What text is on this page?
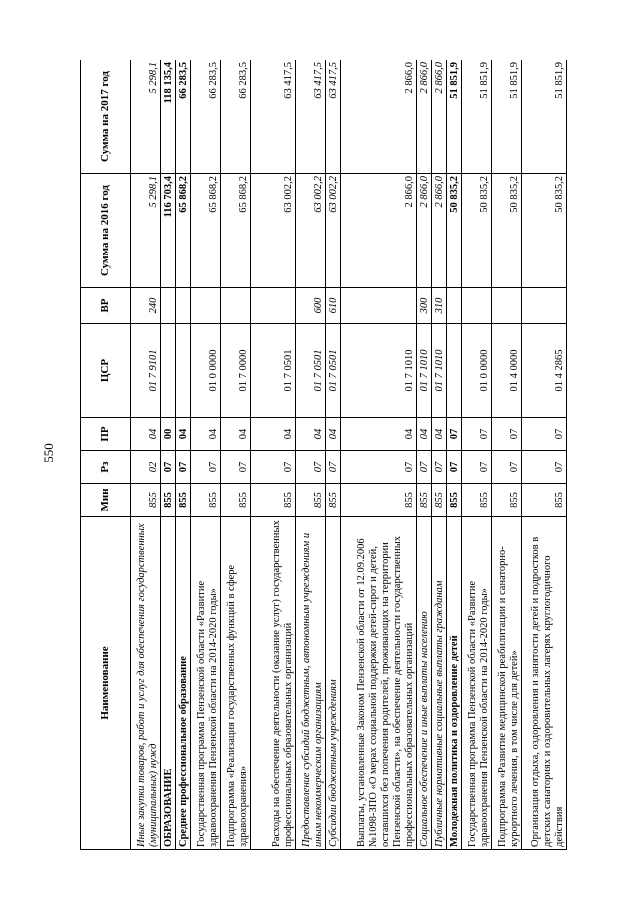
550
Наименование	Мин	Рз	ПР	ЦСР	ВР	Сумма на 2016 год	Сумма на 2017 год
Иные закупки товаров, работ и услуг для обеспечения государственных (муниципальных) нужд	855	02	04	01 7 9101	240	5 298,1	5 298,1
ОБРАЗОВАНИЕ	855	07	00			116 703,4	118 135,4
Среднее профессиональное образование	855	07	04			65 868,2	66 283,5
Государственная программа Пензенской области «Развитие здравоохранения Пензенской области на 2014-2020 годы»	855	07	04	01 0 0000		65 868,2	66 283,5
Подпрограмма «Реализация государственных функций в сфере здравоохранения»	855	07	04	01 7 0000		65 868,2	66 283,5
Расходы на обеспечение деятельности (оказание услуг) государственных профессиональных образовательных организаций	855	07	04	01 7 0501		63 002,2	63 417,5
Предоставление субсидий бюджетным, автономным учреждениям и иным некоммерческим организациям	855	07	04	01 7 0501	600	63 002,2	63 417,5
Субсидии бюджетным учреждениям	855	07	04	01 7 0501	610	63 002,2	63 417,5
Выплаты, установленные Законом Пензенской области от 12.09.2006 №1098-ЗПО «О мерах социальной поддержки детей-сирот и детей, оставшихся без попечения родителей, проживающих на территории Пензенской области», на обеспечение деятельности государственных профессиональных образовательных организаций	855	07	04	01 7 1010		2 866,0	2 866,0
Социальное обеспечение и иные выплаты населению	855	07	04	01 7 1010	300	2 866,0	2 866,0
Публичные нормативные социальные выплаты гражданам	855	07	04	01 7 1010	310	2 866,0	2 866,0
Молодежная политика и оздоровление детей	855	07	07			50 835,2	51 851,9
Государственная программа Пензенской области «Развитие здравоохранения Пензенской области на 2014-2020 годы»	855	07	07	01 0 0000		50 835,2	51 851,9
Подпрограмма «Развитие медицинской реабилитации и санаторно-курортного лечения, в том числе для детей»	855	07	07	01 4 0000		50 835,2	51 851,9
Организация отдыха, оздоровления и занятости детей и подростков в детских санаториях и оздоровительных лагерях круглогодичного действия	855	07	07	01 4 2865		50 835,2	51 851,9
